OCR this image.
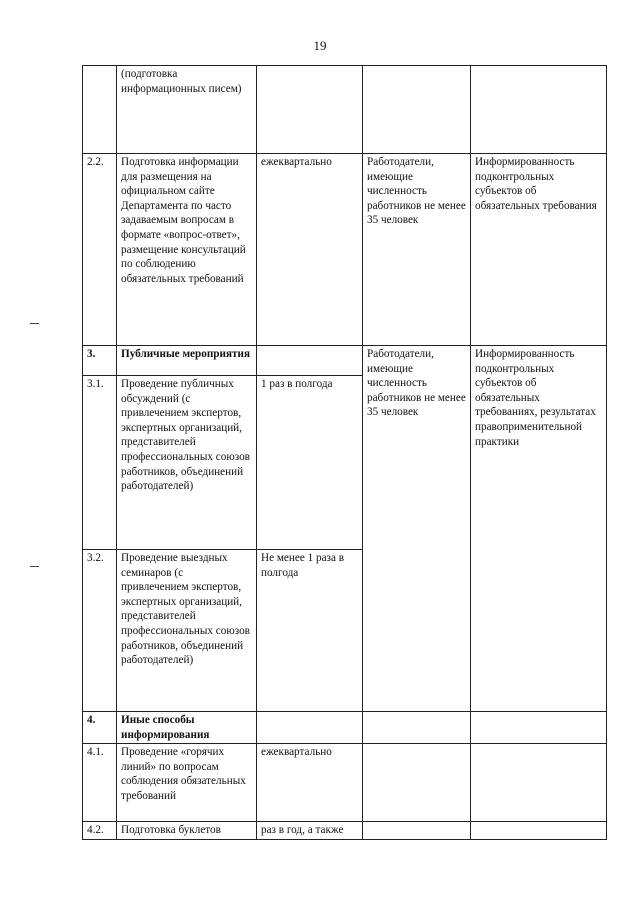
19
	(подготовка информационных писем)			
2.2.	Подготовка информации для размещения на официальном сайте Департамента по часто задаваемым вопросам в формате «вопрос-ответ», размещение консультаций по соблюдению обязательных требований	ежеквартально	Работодатели, имеющие численность работников не менее 35 человек	Информированность подконтрольных субъектов об обязательных требования
3.	Публичные мероприятия		Работодатели, имеющие численность работников не менее 35 человек	Информированность подконтрольных субъектов об обязательных требованиях, результатах правоприменительной практики
3.1.	Проведение публичных обсуждений (с привлечением экспертов, экспертных организаций, представителей профессиональных союзов работников, объединений работодателей)	1 раз в полгода		
3.2.	Проведение выездных семинаров (с привлечением экспертов, экспертных организаций, представителей профессиональных союзов работников, объединений работодателей)	Не менее 1 раза в полгода		
4.	Иные способы информирования			
4.1.	Проведение «горячих линий» по вопросам соблюдения обязательных требований	ежеквартально		
4.2.	Подготовка буклетов	раз в год, а также		
